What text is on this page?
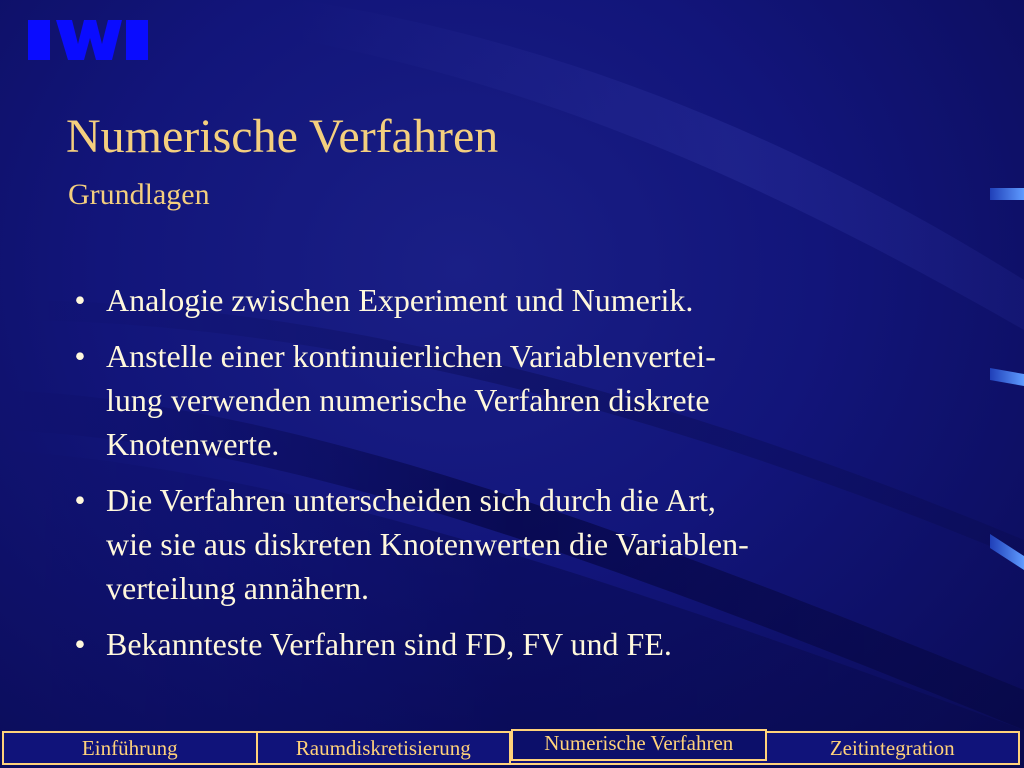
Numerische Verfahren

Grundlagen

• Analogie zwischen Experiment und Numerik.
• Anstelle einer kontinuierlichen Variablenvertei-
lung verwenden numerische Verfahren diskrete
Knotenwerte.
• Die Verfahren unterscheiden sich durch die Art,
wie sie aus diskreten Knotenwerten die Variablen-
verteilung annähern.
• Bekannteste Verfahren sind FD, FV und FE.
Einführung	Raumdiskretisierung	Numerische Verfahren	Zeitintegration
